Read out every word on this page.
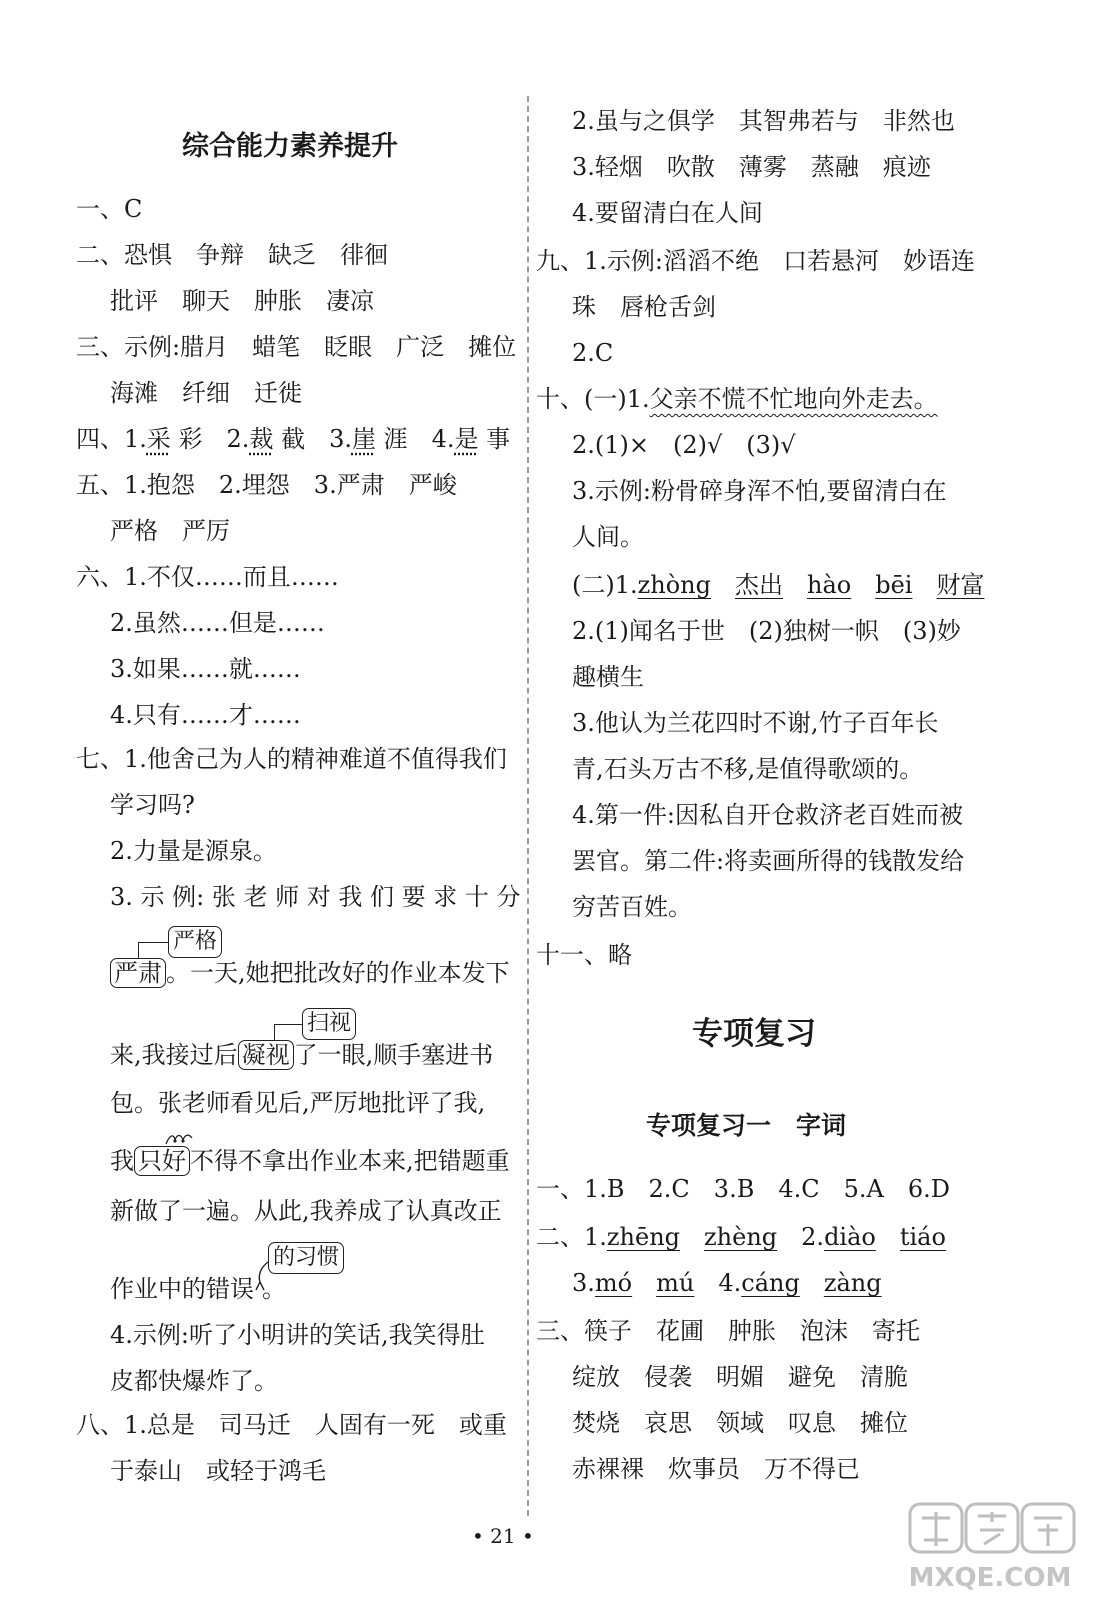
综合能力素养提升
一、C
二、恐惧　争辩　缺乏　徘徊
批评　聊天　肿胀　凄凉
三、示例:腊月　蜡笔　眨眼　广泛　摊位
海滩　纤细　迁徙
四、1.采 彩　2.裁 截　3.崖 涯　4.是 事
五、1.抱怨　2.埋怨　3.严肃　严峻
严格　严厉
六、1.不仅……而且……
2.虽然……但是……
3.如果……就……
4.只有……才……
七、1.他舍己为人的精神难道不值得我们
学习吗?
2.力量是源泉。
3. 示 例: 张 老 师 对 我 们 要 求 十 分
严格
严肃 。一天,她把批改好的作业本发下
扫视
来,我接过后 凝视 了一眼,顺手塞进书
包。张老师看见后,严厉地批评了我,
我 只好 不得不拿出作业本来,把错题重
新做了一遍。从此,我养成了认真改正
的习惯
作业中的错误 。
4.示例:听了小明讲的笑话,我笑得肚
皮都快爆炸了。
八、1.总是　司马迁　人固有一死　或重
于泰山　或轻于鸿毛
2.虽与之俱学　其智弗若与　非然也
3.轻烟　吹散　薄雾　蒸融　痕迹
4.要留清白在人间
九、1.示例:滔滔不绝　口若悬河　妙语连
珠　唇枪舌剑
2.C
十、(一)1.父亲不慌不忙地向外走去。
2.(1)×　(2)√　(3)√
3.示例:粉骨碎身浑不怕,要留清白在
人间。
(二)1.zhòng　 杰出　 hào　 bēi　 财富
2.(1)闻名于世　(2)独树一帜　(3)妙
趣横生
3.他认为兰花四时不谢,竹子百年长
青,石头万古不移,是值得歌颂的。
4.第一件:因私自开仓救济老百姓而被
罢官。第二件:将卖画所得的钱散发给
穷苦百姓。
十一、略
专项复习
专项复习一　字词
一、1.B　2.C　3.B　4.C　5.A　6.D
二、1.zhēng　 zhèng　 2.diào　 tiáo
3.mó　 mú　 4.cáng　 zàng
三、筷子　花圃　肿胀　泡沫　寄托
绽放　侵袭　明媚　避免　清脆
焚烧　哀思　领域　叹息　摊位
赤裸裸　炊事员　万不得已
• 21 •
MXQE.COM
